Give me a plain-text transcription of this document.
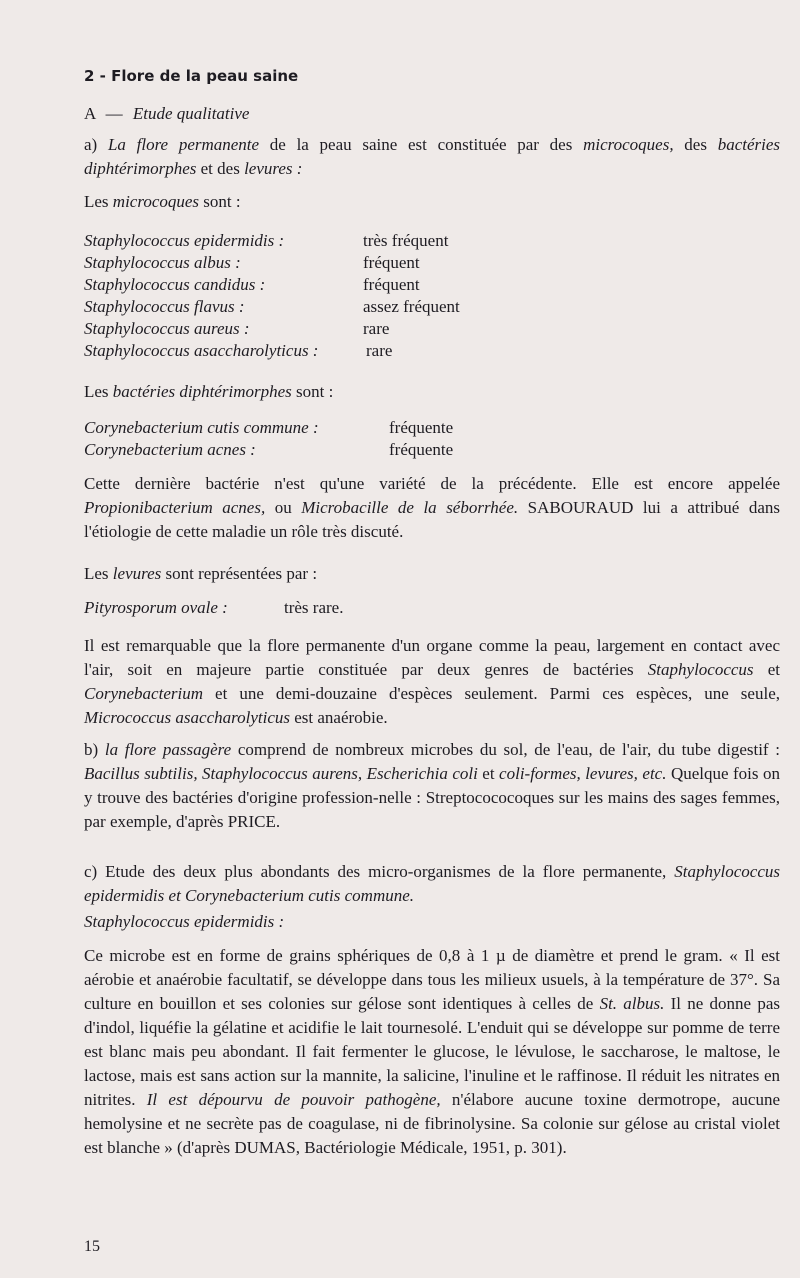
2 - Flore de la peau saine
A — Etude qualitative
a) La flore permanente de la peau saine est constituée par des microcoques, des bactéries diphtérimorphes et des levures :
Les microcoques sont :
Staphylococcus epidermidis :	très fréquent
Staphylococcus albus :	fréquent
Staphylococcus candidus :	fréquent
Staphylococcus flavus :	assez fréquent
Staphylococcus aureus :	rare
Staphylococcus asaccharolyticus :	rare
Les bactéries diphtérimorphes sont :
Corynebacterium cutis commune :	fréquente
Corynebacterium acnes :	fréquente
Cette dernière bactérie n'est qu'une variété de la précédente. Elle est encore appelée Propionibacterium acnes, ou Microbacille de la séborrhée. SABOURAUD lui a attribué dans l'étiologie de cette maladie un rôle très discuté.
Les levures sont représentées par :
Pityrosporum ovale :	très rare.
Il est remarquable que la flore permanente d'un organe comme la peau, largement en contact avec l'air, soit en majeure partie constituée par deux genres de bactéries Staphylococcus et Corynebacterium et une demi-douzaine d'espèces seulement. Parmi ces espèces, une seule, Micrococcus asaccharolyticus est anaérobie.
b) la flore passagère comprend de nombreux microbes du sol, de l'eau, de l'air, du tube digestif : Bacillus subtilis, Staphylococcus aurens, Escherichia coli et coli-formes, levures, etc. Quelque fois on y trouve des bactéries d'origine profession-nelle : Streptocococoques sur les mains des sages femmes, par exemple, d'après PRICE.
c) Etude des deux plus abondants des micro-organismes de la flore permanente, Staphylococcus epidermidis et Corynebacterium cutis commune.
Staphylococcus epidermidis :
Ce microbe est en forme de grains sphériques de 0,8 à 1 µ de diamètre et prend le gram. « Il est aérobie et anaérobie facultatif, se développe dans tous les milieux usuels, à la température de 37°. Sa culture en bouillon et ses colonies sur gélose sont identiques à celles de St. albus. Il ne donne pas d'indol, liquéfie la gélatine et acidifie le lait tournesolé. L'enduit qui se développe sur pomme de terre est blanc mais peu abondant. Il fait fermenter le glucose, le lévulose, le saccharose, le maltose, le lactose, mais est sans action sur la mannite, la salicine, l'inuline et le raffinose. Il réduit les nitrates en nitrites. Il est dépourvu de pouvoir pathogène, n'élabore aucune toxine dermotrope, aucune hemolysine et ne secrète pas de coagulase, ni de fibrinolysine. Sa colonie sur gélose au cristal violet est blanche » (d'après DUMAS, Bactériologie Médicale, 1951, p. 301).
15
